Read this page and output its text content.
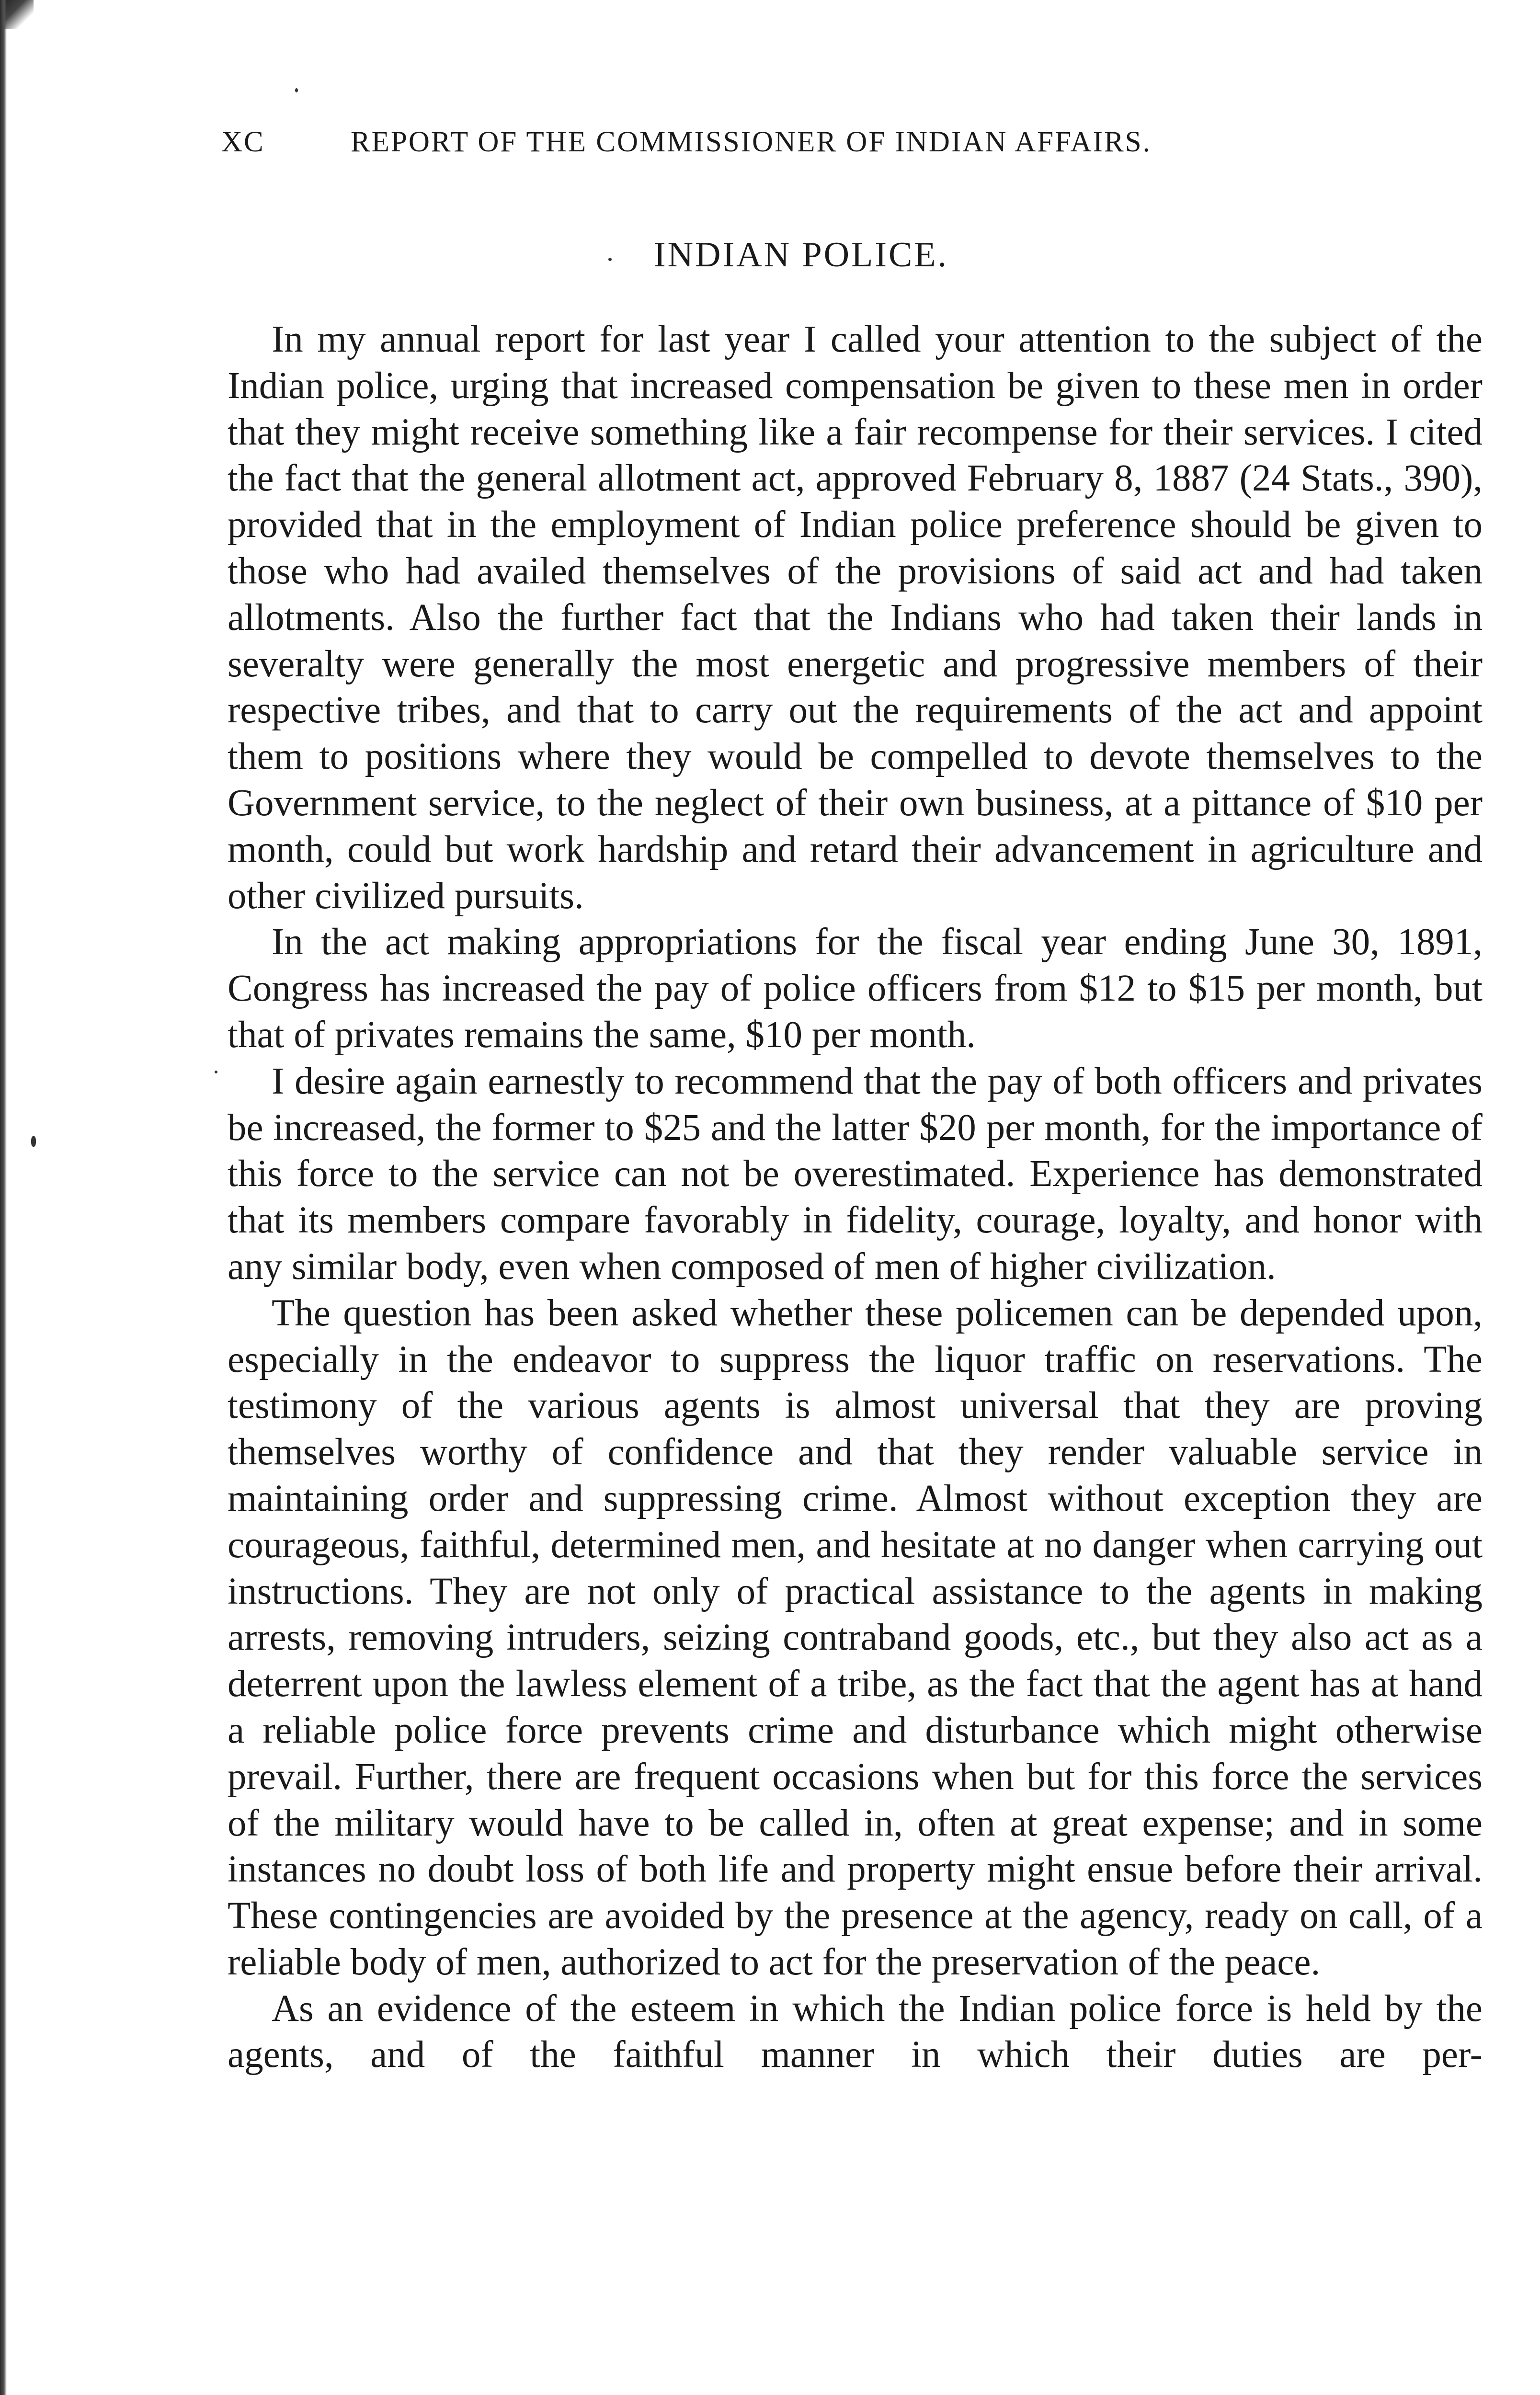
XC	REPORT OF THE COMMISSIONER OF INDIAN AFFAIRS.
INDIAN POLICE.

In my annual report for last year I called your attention to the subject of the Indian police, urging that increased compensation be given to these men in order that they might receive something like a fair recompense for their services. I cited the fact that the general allotment act, approved February 8, 1887 (24 Stats., 390), provided that in the employment of Indian police preference should be given to those who had availed themselves of the provisions of said act and had taken allotments. Also the further fact that the Indians who had taken their lands in severalty were generally the most energetic and progressive members of their respective tribes, and that to carry out the requirements of the act and appoint them to positions where they would be compelled to devote themselves to the Government service, to the neglect of their own business, at a pittance of $10 per month, could but work hardship and retard their advancement in agriculture and other civilized pursuits.

In the act making appropriations for the fiscal year ending June 30, 1891, Congress has increased the pay of police officers from $12 to $15 per month, but that of privates remains the same, $10 per month.

I desire again earnestly to recommend that the pay of both officers and privates be increased, the former to $25 and the latter $20 per month, for the importance of this force to the service can not be overestimated. Experience has demonstrated that its members compare favorably in fidelity, courage, loyalty, and honor with any similar body, even when composed of men of higher civilization.

The question has been asked whether these policemen can be depended upon, especially in the endeavor to suppress the liquor traffic on reservations. The testimony of the various agents is almost universal that they are proving themselves worthy of confidence and that they render valuable service in maintaining order and suppressing crime. Almost without exception they are courageous, faithful, determined men, and hesitate at no danger when carrying out instructions. They are not only of practical assistance to the agents in making arrests, removing intruders, seizing contraband goods, etc., but they also act as a deterrent upon the lawless element of a tribe, as the fact that the agent has at hand a reliable police force prevents crime and disturbance which might otherwise prevail. Further, there are frequent occasions when but for this force the services of the military would have to be called in, often at great expense; and in some instances no doubt loss of both life and property might ensue before their arrival. These contingencies are avoided by the presence at the agency, ready on call, of a reliable body of men, authorized to act for the preservation of the peace.

As an evidence of the esteem in which the Indian police force is held by the agents, and of the faithful manner in which their duties are per-
